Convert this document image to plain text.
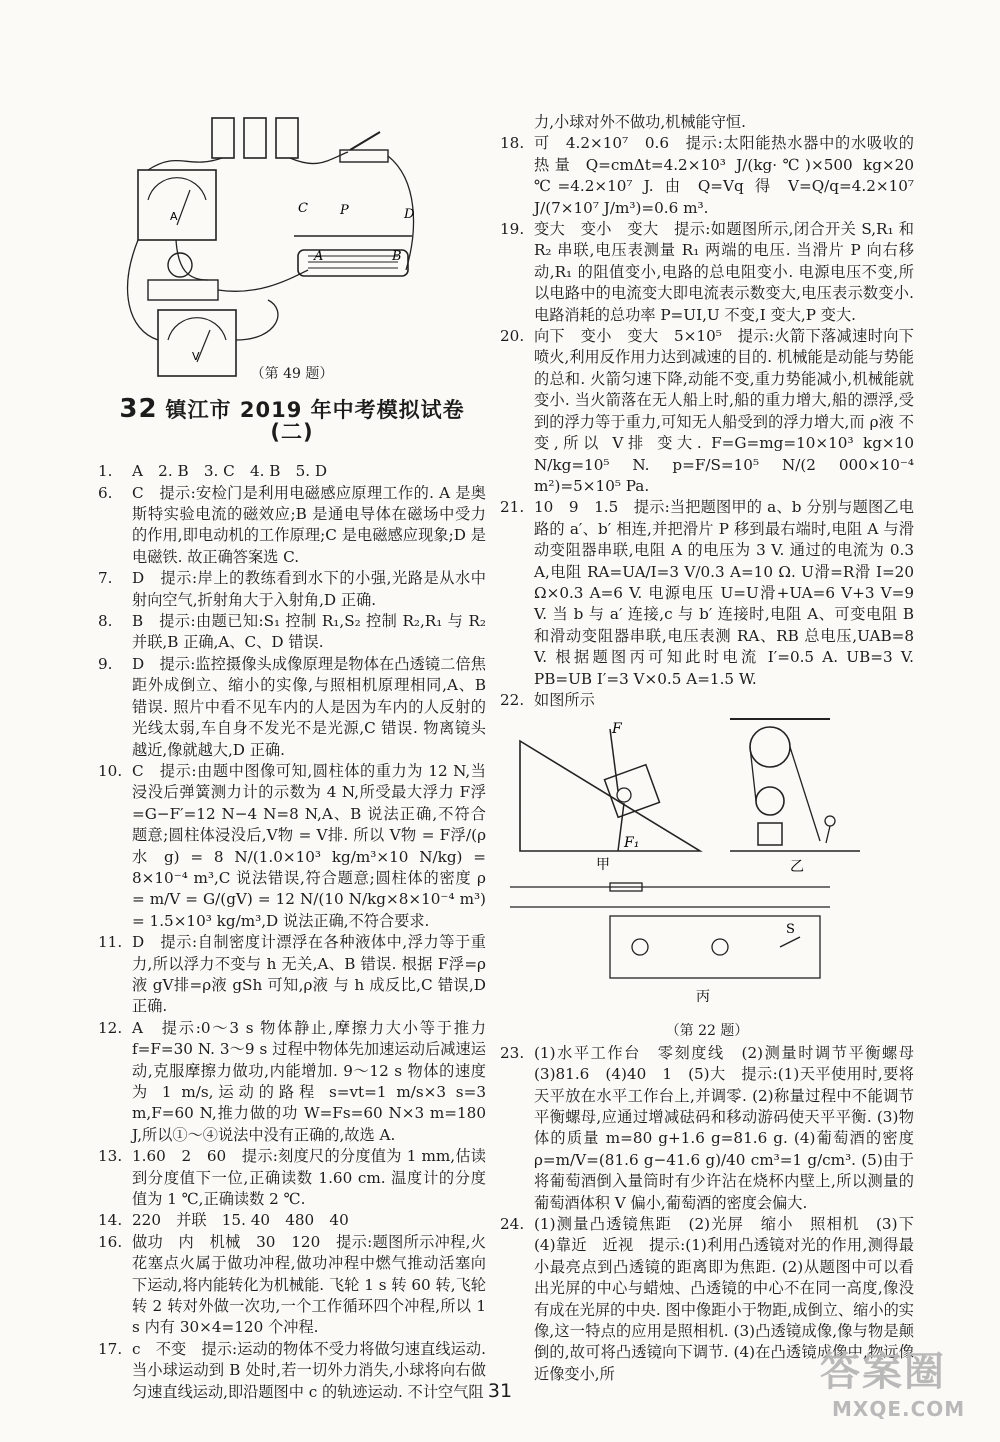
A
C P	D
A	B
V
（第 49 题）
32 镇江市 2019 年中考模拟试卷(二)
1. A　2. B　3. C　4. B　5. D
6. C　提示:安检门是利用电磁感应原理工作的. A 是奥斯特实验电流的磁效应;B 是通电导体在磁场中受力的作用,即电动机的工作原理;C 是电磁感应现象;D 是电磁铁. 故正确答案选 C.
7. D　提示:岸上的教练看到水下的小强,光路是从水中射向空气,折射角大于入射角,D 正确.
8. B　提示:由题已知:S₁ 控制 R₁,S₂ 控制 R₂,R₁ 与 R₂ 并联,B 正确,A、C、D 错误.
9. D　提示:监控摄像头成像原理是物体在凸透镜二倍焦距外成倒立、缩小的实像,与照相机原理相同,A、B 错误. 照片中看不见车内的人是因为车内的人反射的光线太弱,车自身不发光不是光源,C 错误. 物离镜头越近,像就越大,D 正确.
10. C　提示:由题中图像可知,圆柱体的重力为 12 N,当浸没后弹簧测力计的示数为 4 N,所受最大浮力 F浮=G−F′=12 N−4 N=8 N,A、B 说法正确,不符合题意;圆柱体浸没后,V物 = V排. 所以 V物 = F浮/(ρ水 g) = 8 N/(1.0×10³ kg/m³×10 N/kg) = 8×10⁻⁴ m³,C 说法错误,符合题意;圆柱体的密度 ρ = m/V = G/(gV) = 12 N/(10 N/kg×8×10⁻⁴ m³) = 1.5×10³ kg/m³,D 说法正确,不符合要求.
11. D　提示:自制密度计漂浮在各种液体中,浮力等于重力,所以浮力不变与 h 无关,A、B 错误. 根据 F浮=ρ液 gV排=ρ液 gSh 可知,ρ液 与 h 成反比,C 错误,D 正确.
12. A　提示:0～3 s 物体静止,摩擦力大小等于推力 f=F=30 N. 3～9 s 过程中物体先加速运动后减速运动,克服摩擦力做功,内能增加. 9～12 s 物体的速度为 1 m/s,运动的路程 s=vt=1 m/s×3 s=3 m,F=60 N,推力做的功 W=Fs=60 N×3 m=180 J,所以①～④说法中没有正确的,故选 A.
13. 1.60　2　60　提示:刻度尺的分度值为 1 mm,估读到分度值下一位,正确读数 1.60 cm. 温度计的分度值为 1 ℃,正确读数 2 ℃.
14. 220　并联　15. 40　480　40
16. 做功　内　机械　30　120　提示:题图所示冲程,火花塞点火属于做功冲程,做功冲程中燃气推动活塞向下运动,将内能转化为机械能. 飞轮 1 s 转 60 转,飞轮转 2 转对外做一次功,一个工作循环四个冲程,所以 1 s 内有 30×4=120 个冲程.
17. c　不变　提示:运动的物体不受力将做匀速直线运动. 当小球运动到 B 处时,若一切外力消失,小球将向右做匀速直线运动,即沿题图中 c 的轨迹运动. 不计空气阻
力,小球对外不做功,机械能守恒.
18. 可　4.2×10⁷　0.6　提示:太阳能热水器中的水吸收的热量 Q=cmΔt=4.2×10³ J/(kg·℃)×500 kg×20 ℃=4.2×10⁷ J. 由 Q=Vq 得 V=Q/q=4.2×10⁷ J/(7×10⁷ J/m³)=0.6 m³.
19. 变大　变小　变大　提示:如题图所示,闭合开关 S,R₁ 和 R₂ 串联,电压表测量 R₁ 两端的电压. 当滑片 P 向右移动,R₁ 的阻值变小,电路的总电阻变小. 电源电压不变,所以电路中的电流变大即电流表示数变大,电压表示数变小. 电路消耗的总功率 P=UI,U 不变,I 变大,P 变大.
20. 向下　变小　变大　5×10⁵　提示:火箭下落减速时向下喷火,利用反作用力达到减速的目的. 机械能是动能与势能的总和. 火箭匀速下降,动能不变,重力势能减小,机械能就变小. 当火箭落在无人船上时,船的重力增大,船的漂浮,受到的浮力等于重力,可知无人船受到的浮力增大,而 ρ液 不变,所以 V排 变大. F=G=mg=10×10³ kg×10 N/kg=10⁵ N. p=F/S=10⁵ N/(2 000×10⁻⁴ m²)=5×10⁵ Pa.
21. 10　9　1.5　提示:当把题图甲的 a、b 分别与题图乙电路的 a′、b′ 相连,并把滑片 P 移到最右端时,电阻 A 与滑动变阻器串联,电阻 A 的电压为 3 V. 通过的电流为 0.3 A,电阻 RA=UA/I=3 V/0.3 A=10 Ω. U滑=R滑 I=20 Ω×0.3 A=6 V. 电源电压 U=U滑+UA=6 V+3 V=9 V. 当 b 与 a′ 连接,c 与 b′ 连接时,电阻 A、可变电阻 B 和滑动变阻器串联,电压表测 RA、RB 总电压,UAB=8 V. 根据题图丙可知此时电流 I′=0.5 A. UB=3 V. PB=UB I′=3 V×0.5 A=1.5 W.
22. 如图所示
F
F₁
甲	乙
S
丙
（第 22 题）
23. (1)水平工作台　零刻度线　(2)测量时调节平衡螺母　(3)81.6　(4)40　1　(5)大　提示:(1)天平使用时,要将天平放在水平工作台上,并调零. (2)称量过程中不能调节平衡螺母,应通过增减砝码和移动游码使天平平衡. (3)物体的质量 m=80 g+1.6 g=81.6 g. (4)葡萄酒的密度 ρ=m/V=(81.6 g−41.6 g)/40 cm³=1 g/cm³. (5)由于将葡萄酒倒入量筒时有少许沾在烧杯内壁上,所以测量的葡萄酒体积 V 偏小,葡萄酒的密度会偏大.
24. (1)测量凸透镜焦距　(2)光屏　缩小　照相机　(3)下　(4)靠近　近视　提示:(1)利用凸透镜对光的作用,测得最小最亮点到凸透镜的距离即为焦距. (2)从题图中可以看出光屏的中心与蜡烛、凸透镜的中心不在同一高度,像没有成在光屏的中央. 图中像距小于物距,成倒立、缩小的实像,这一特点的应用是照相机. (3)凸透镜成像,像与物是颠倒的,故可将凸透镜向下调节. (4)在凸透镜成像中,物远像近像变小,所
31	答案圈
MXQE.COM
